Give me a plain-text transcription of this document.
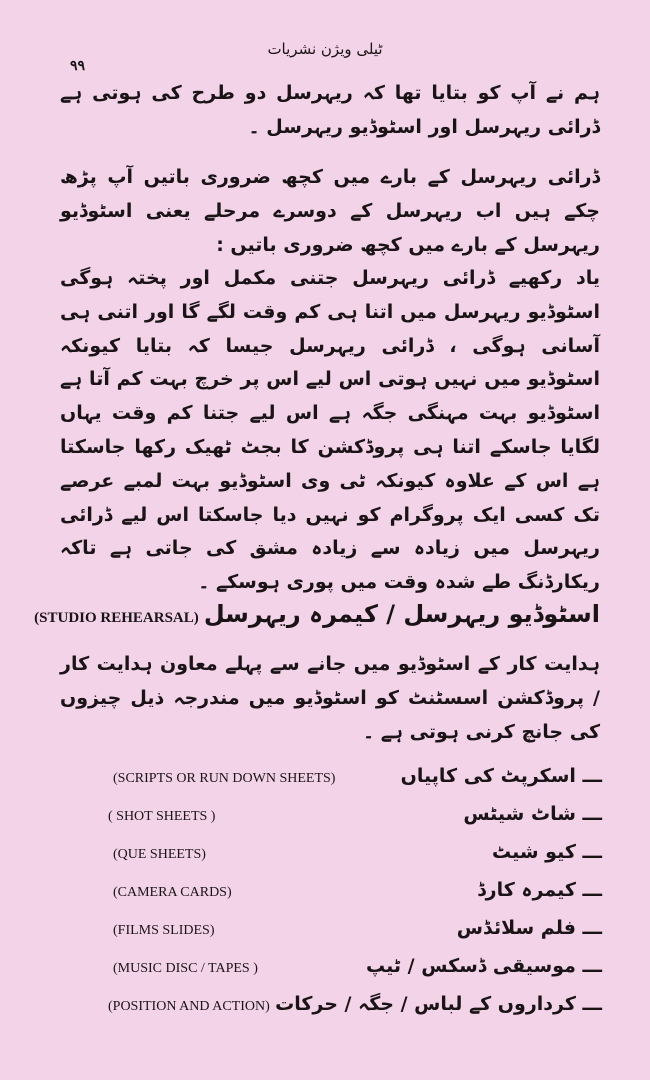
۹۹
ٹیلی ویژن نشریات
ہم نے آپ کو بتایا تھا کہ ریہرسل دو طرح کی ہوتی ہے ڈرائی ریہرسل اور اسٹوڈیو ریہرسل ۔
ڈرائی ریہرسل کے بارے میں کچھ ضروری باتیں آپ پڑھ چکے ہیں اب ریہرسل کے دوسرے مرحلے یعنی اسٹوڈیو ریہرسل کے بارے میں کچھ ضروری باتیں :
یاد رکھیے ڈرائی ریہرسل جتنی مکمل اور پختہ ہوگی اسٹوڈیو ریہرسل میں اتنا ہی کم وقت لگے گا اور اتنی ہی آسانی ہوگی ، ڈرائی ریہرسل جیسا کہ بتایا کیونکہ اسٹوڈیو میں نہیں ہوتی اس لیے اس پر خرچ بہت کم آتا ہے اسٹوڈیو بہت مہنگی جگہ ہے اس لیے جتنا کم وقت یہاں لگایا جاسکے اتنا ہی پروڈکشن کا بجٹ ٹھیک رکھا جاسکتا ہے اس کے علاوہ کیونکہ ٹی وی اسٹوڈیو بہت لمبے عرصے تک کسی ایک پروگرام کو نہیں دیا جاسکتا اس لیے ڈرائی ریہرسل میں زیادہ سے زیادہ مشق کی جاتی ہے تاکہ ریکارڈنگ طے شدہ وقت میں پوری ہوسکے ۔
اسٹوڈیو ریہرسل / کیمرہ ریہرسل (STUDIO REHEARSAL)
ہدایت کار کے اسٹوڈیو میں جانے سے پہلے معاون ہدایت کار / پروڈکشن اسسٹنٹ کو اسٹوڈیو میں مندرجہ ذیل چیزوں کی جانچ کرنی ہوتی ہے ۔
ـــ اسکرپٹ کی کاپیاں
(SCRIPTS OR RUN DOWN SHEETS)
ـــ شاٹ شیٹس
( SHOT SHEETS )
ـــ کیو شیٹ
(QUE SHEETS)
ـــ کیمرہ کارڈ
(CAMERA CARDS)
ـــ فلم سلائڈس
(FILMS SLIDES)
ـــ موسیقی ڈسکس / ٹیپ
(MUSIC DISC / TAPES )
ـــ کرداروں کے لباس / جگہ / حرکات
(POSITION AND ACTION)
